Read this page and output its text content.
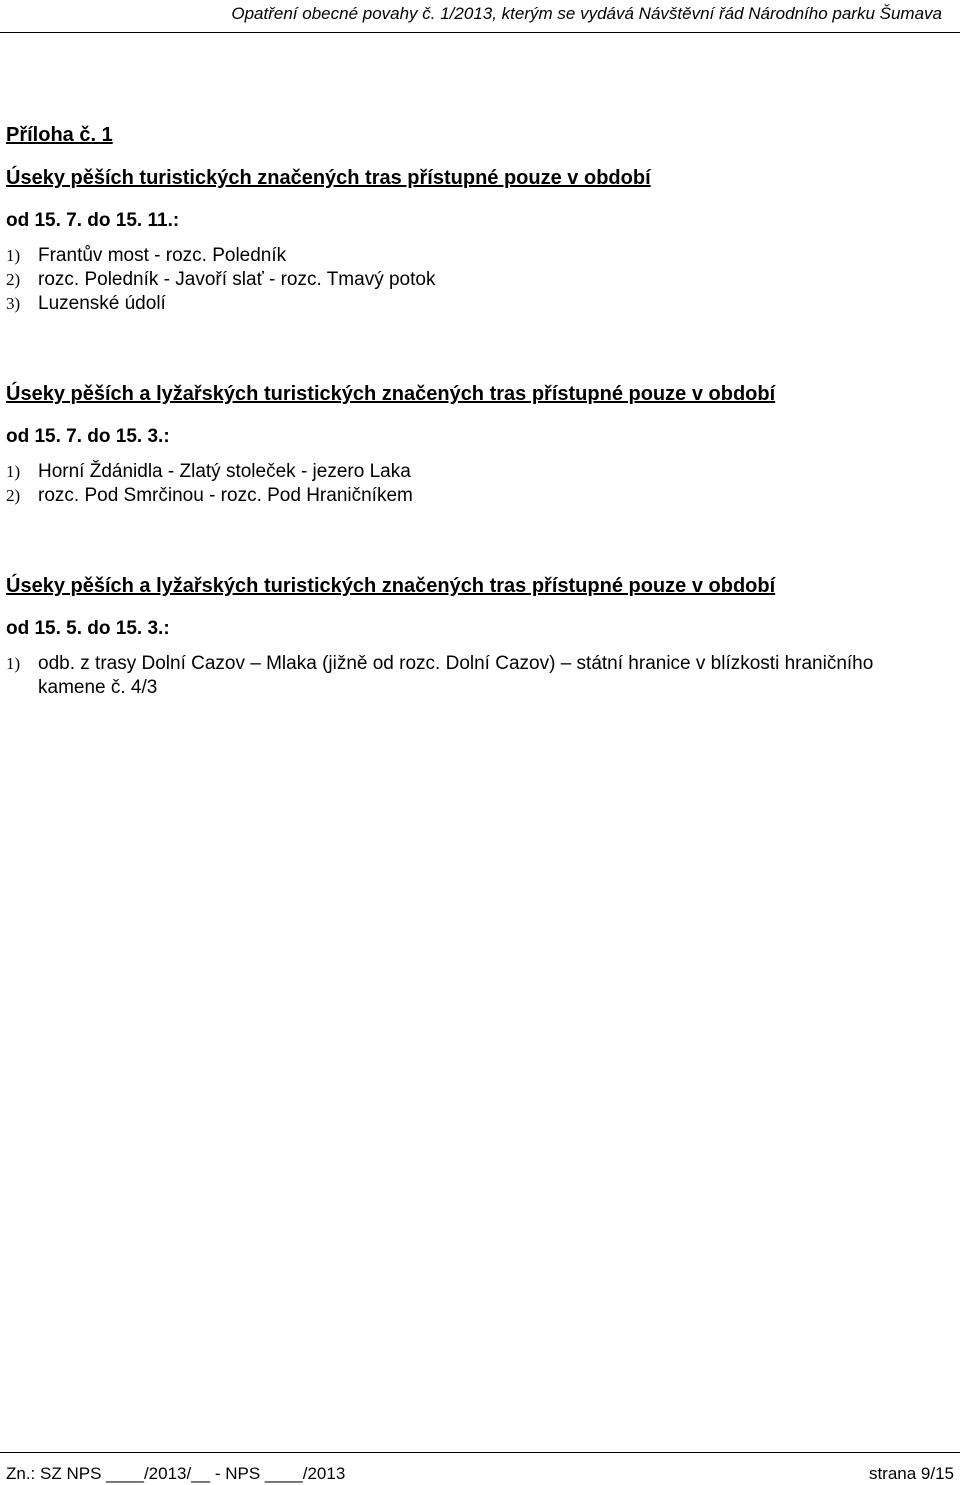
Opatření obecné povahy č. 1/2013, kterým se vydává Návštěvní řád Národního parku Šumava
Příloha č. 1
Úseky pěších turistických značených tras přístupné pouze v období
od 15. 7. do 15. 11.:
1) Frantův most - rozc. Poledník
2) rozc. Poledník - Javoří slať - rozc. Tmavý potok
3) Luzenské údolí
Úseky pěších a lyžařských turistických značených tras přístupné pouze v období
od 15. 7. do 15. 3.:
1) Horní Ždánidla - Zlatý stoleček - jezero Laka
2) rozc. Pod Smrčinou - rozc. Pod Hraničníkem
Úseky pěších a lyžařských turistických značených tras přístupné pouze v období
od 15. 5. do 15. 3.:
1) odb. z trasy Dolní Cazov – Mlaka (jižně od rozc. Dolní Cazov) – státní hranice v blízkosti hraničního kamene č. 4/3
Zn.: SZ NPS ____/2013/__ - NPS ____/2013	strana 9/15
